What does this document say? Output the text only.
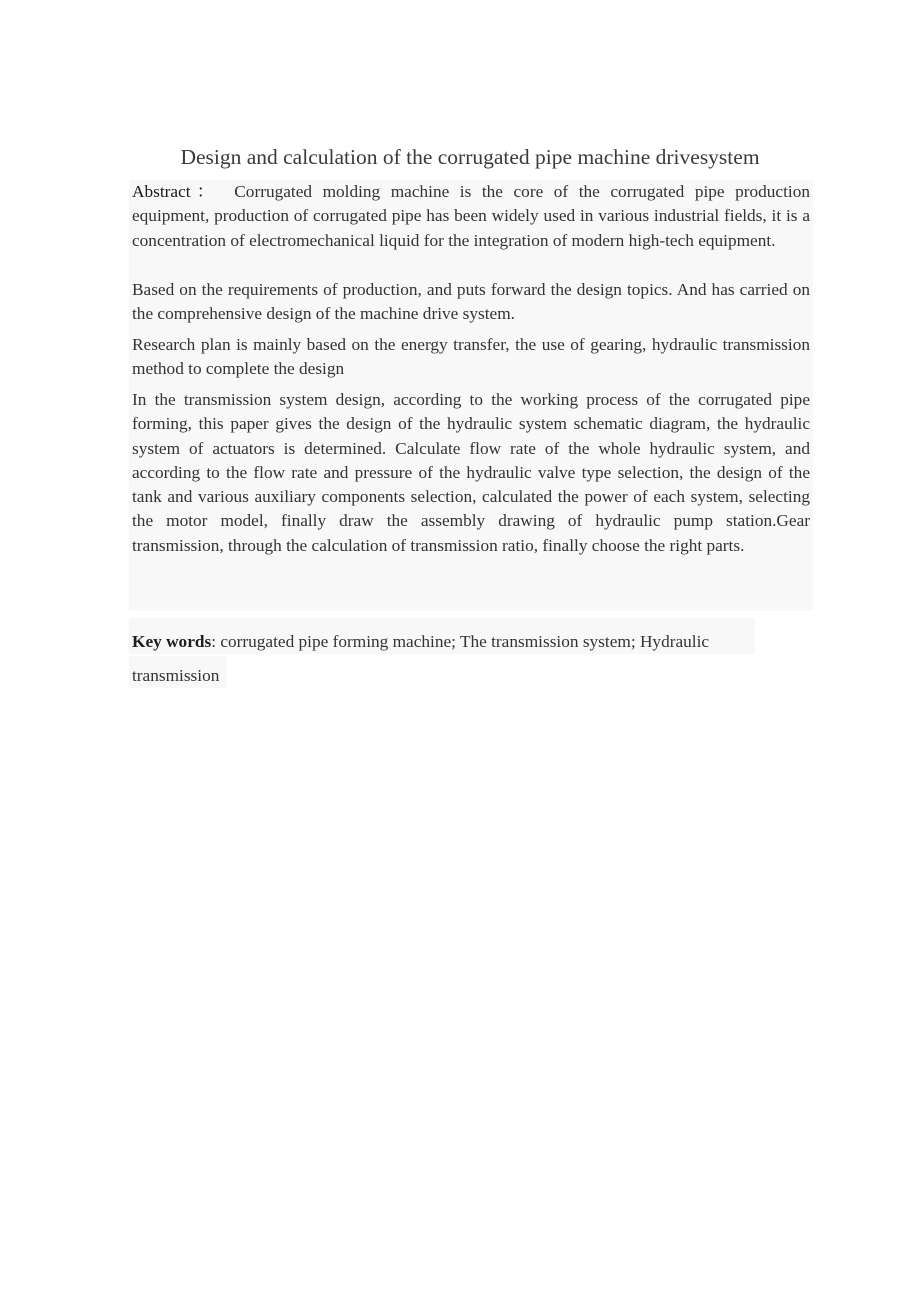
Design and calculation of the corrugated pipe machine drivesystem
Abstract： Corrugated molding machine is the core of the corrugated pipe production equipment, production of corrugated pipe has been widely used in various industrial fields, it is a concentration of electromechanical liquid for the integration of modern high-tech equipment.
Based on the requirements of production, and puts forward the design topics. And has carried on the comprehensive design of the machine drive system.
Research plan is mainly based on the energy transfer, the use of gearing, hydraulic transmission method to complete the design
In the transmission system design, according to the working process of the corrugated pipe forming, this paper gives the design of the hydraulic system schematic diagram, the hydraulic system of actuators is determined. Calculate flow rate of the whole hydraulic system, and according to the flow rate and pressure of the hydraulic valve type selection, the design of the tank and various auxiliary components selection, calculated the power of each system, selecting the motor model, finally draw the assembly drawing of hydraulic pump station.Gear transmission, through the calculation of transmission ratio, finally choose the right parts.
Key words: corrugated pipe forming machine; The transmission system; Hydraulic transmission
